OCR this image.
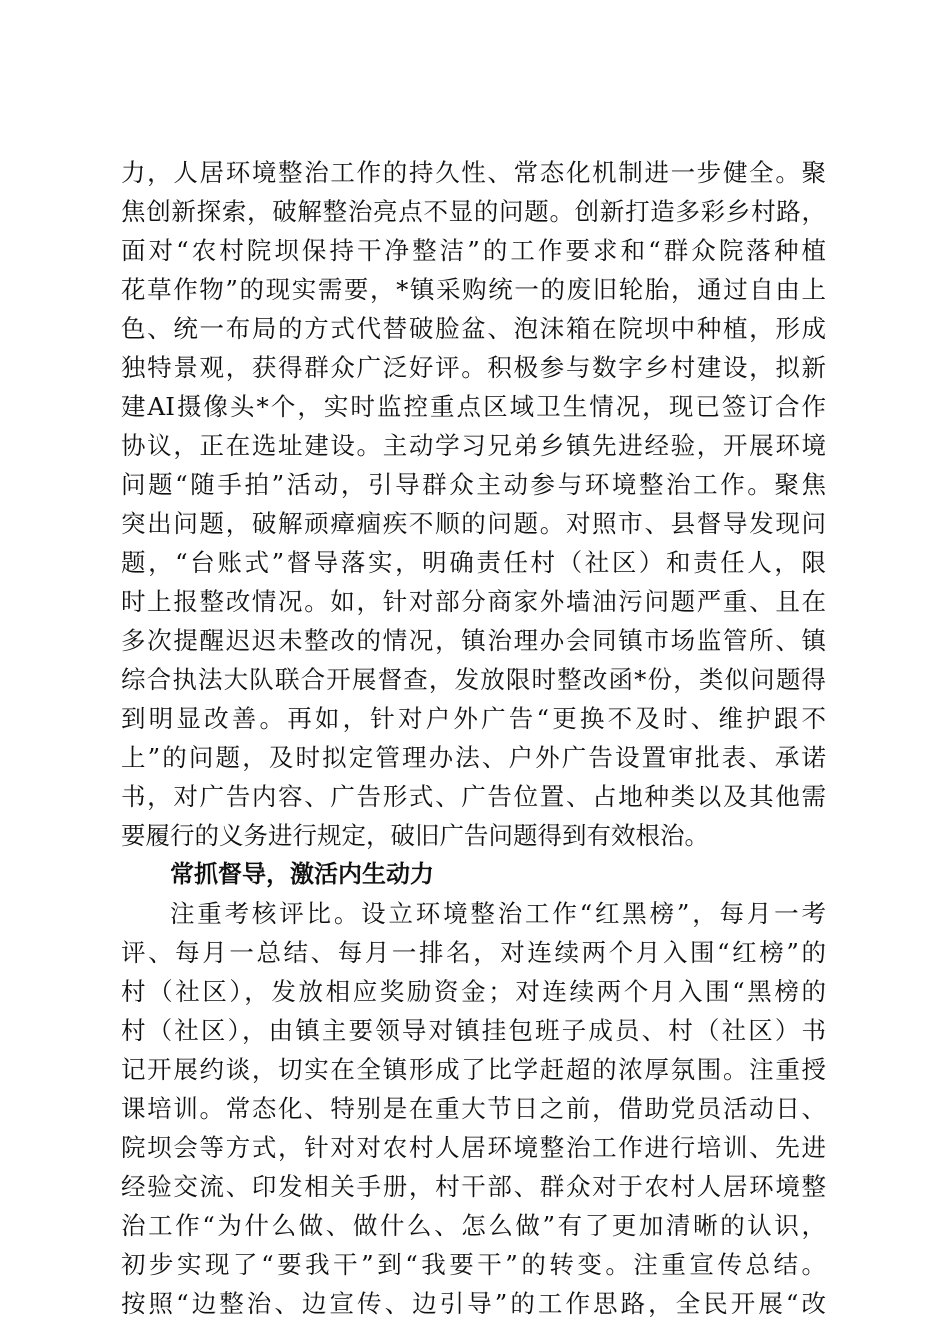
力，人居环境整治工作的持久性、常态化机制进一步健全。聚
焦创新探索，破解整治亮点不显的问题。创新打造多彩乡村路，
面对“农村院坝保持干净整洁”的工作要求和“群众院落种植
花草作物”的现实需要，*镇采购统一的废旧轮胎，通过自由上
色、统一布局的方式代替破脸盆、泡沫箱在院坝中种植，形成
独特景观，获得群众广泛好评。积极参与数字乡村建设，拟新
建AI摄像头*个，实时监控重点区域卫生情况，现已签订合作
协议，正在选址建设。主动学习兄弟乡镇先进经验，开展环境
问题“随手拍”活动，引导群众主动参与环境整治工作。聚焦
突出问题，破解顽瘴痼疾不顺的问题。对照市、县督导发现问
题，“台账式”督导落实，明确责任村（社区）和责任人，限
时上报整改情况。如，针对部分商家外墙油污问题严重、且在
多次提醒迟迟未整改的情况，镇治理办会同镇市场监管所、镇
综合执法大队联合开展督查，发放限时整改函*份，类似问题得
到明显改善。再如，针对户外广告“更换不及时、维护跟不
上”的问题，及时拟定管理办法、户外广告设置审批表、承诺
书，对广告内容、广告形式、广告位置、占地种类以及其他需
要履行的义务进行规定，破旧广告问题得到有效根治。
常抓督导，激活内生动力
注重考核评比。设立环境整治工作“红黑榜”，每月一考
评、每月一总结、每月一排名，对连续两个月入围“红榜”的
村（社区），发放相应奖励资金；对连续两个月入围“黑榜的
村（社区），由镇主要领导对镇挂包班子成员、村（社区）书
记开展约谈，切实在全镇形成了比学赶超的浓厚氛围。注重授
课培训。常态化、特别是在重大节日之前，借助党员活动日、
院坝会等方式，针对对农村人居环境整治工作进行培训、先进
经验交流、印发相关手册，村干部、群众对于农村人居环境整
治工作“为什么做、做什么、怎么做”有了更加清晰的认识，
初步实现了“要我干”到“我要干”的转变。注重宣传总结。
按照“边整治、边宣传、边引导”的工作思路，全民开展“改
